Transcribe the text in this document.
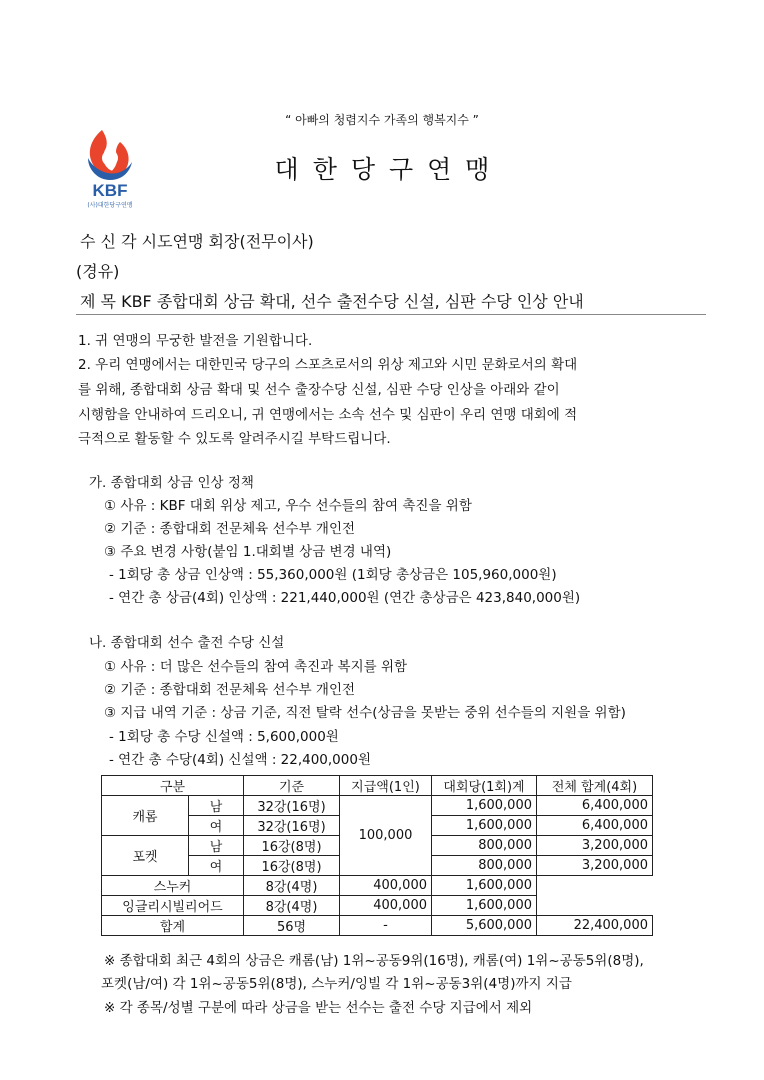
“ 아빠의 청렴지수 가족의 행복지수 ”
KBF
(사)대한당구연맹
대한당구연맹
수 신 각 시도연맹 회장(전무이사)
(경유)
제 목 KBF 종합대회 상금 확대, 선수 출전수당 신설, 심판 수당 인상 안내
1. 귀 연맹의 무궁한 발전을 기원합니다.
2. 우리 연맹에서는 대한민국 당구의 스포츠로서의 위상 제고와 시민 문화로서의 확대
를 위해, 종합대회 상금 확대 및 선수 출장수당 신설, 심판 수당 인상을 아래와 같이
시행함을 안내하여 드리오니, 귀 연맹에서는 소속 선수 및 심판이 우리 연맹 대회에 적
극적으로 활동할 수 있도록 알려주시길 부탁드립니다.
가. 종합대회 상금 인상 정책
① 사유 : KBF 대회 위상 제고, 우수 선수들의 참여 촉진을 위함
② 기준 : 종합대회 전문체육 선수부 개인전
③ 주요 변경 사항(붙임 1.대회별 상금 변경 내역)
- 1회당 총 상금 인상액 : 55,360,000원 (1회당 총상금은 105,960,000원)
- 연간 총 상금(4회) 인상액 : 221,440,000원 (연간 총상금은 423,840,000원)
나. 종합대회 선수 출전 수당 신설
① 사유 : 더 많은 선수들의 참여 촉진과 복지를 위함
② 기준 : 종합대회 전문체육 선수부 개인전
③ 지급 내역 기준 : 상금 기준, 직전 탈락 선수(상금을 못받는 중위 선수들의 지원을 위함)
- 1회당 총 수당 신설액 : 5,600,000원
- 연간 총 수당(4회) 신설액 : 22,400,000원
구분		기준	지급액(1인)	대회당(1회)계	전체 합계(4회)
캐롬	남	32강(16명)	100,000	1,600,000	6,400,000
	여	32강(16명)		1,600,000	6,400,000
포켓	남	16강(8명)		800,000	3,200,000
	여	16강(8명)		800,000	3,200,000
스누커		8강(4명)	400,000	1,600,000	
잉글리시빌리어드		8강(4명)	400,000	1,600,000	
합계		56명	-	5,600,000	22,400,000
※ 종합대회 최근 4회의 상금은 캐롬(남) 1위~공동9위(16명), 캐롬(여) 1위~공동5위(8명),
포켓(남/여) 각 1위~공동5위(8명), 스누커/잉빌 각 1위~공동3위(4명)까지 지급
※ 각 종목/성별 구분에 따라 상금을 받는 선수는 출전 수당 지급에서 제외
